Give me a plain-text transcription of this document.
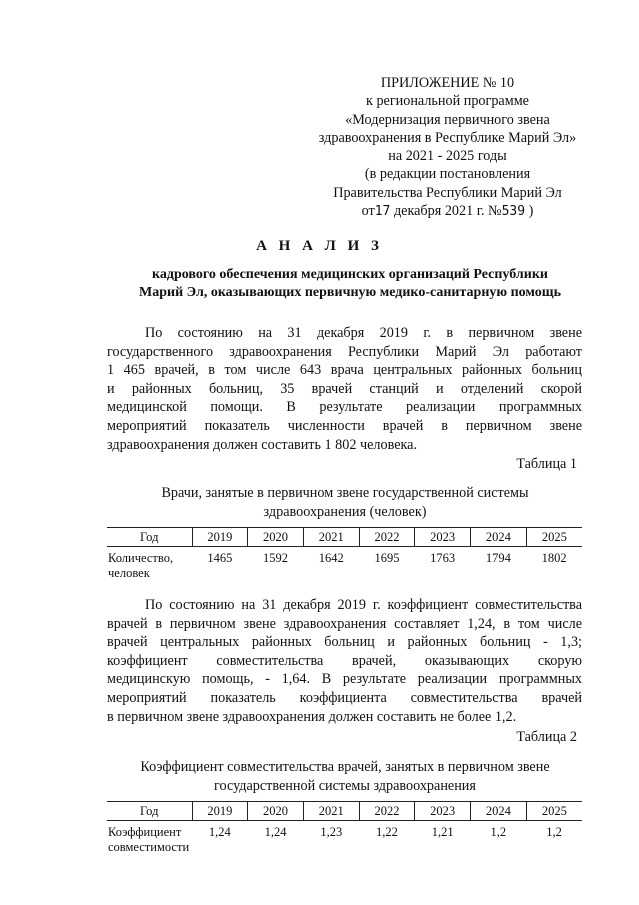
ПРИЛОЖЕНИЕ № 10
к региональной программе
«Модернизация первичного звена
здравоохранения в Республике Марий Эл»
на 2021 - 2025 годы
(в редакции постановления
Правительства Республики Марий Эл
от17 декабря 2021 г. №539 )
А Н А Л И З
кадрового обеспечения медицинских организаций Республики
Марий Эл, оказывающих первичную медико-санитарную помощь
По состоянию на 31 декабря 2019 г. в первичном звене
государственного здравоохранения Республики Марий Эл работают
1 465 врачей, в том числе 643 врача центральных районных больниц
и районных больниц, 35 врачей станций и отделений скорой
медицинской помощи. В результате реализации программных
мероприятий показатель численности врачей в первичном звене
здравоохранения должен составить 1 802 человека.
Таблица 1
Врачи, занятые в первичном звене государственной системы
здравоохранения (человек)
Год	2019	2020	2021	2022	2023	2024	2025
Количество, человек	1465	1592	1642	1695	1763	1794	1802
По состоянию на 31 декабря 2019 г. коэффициент совместительства
врачей в первичном звене здравоохранения составляет 1,24, в том числе
врачей центральных районных больниц и районных больниц - 1,3;
коэффициент совместительства врачей, оказывающих скорую
медицинскую помощь, - 1,64. В результате реализации программных
мероприятий показатель коэффициента совместительства врачей
в первичном звене здравоохранения должен составить не более 1,2.
Таблица 2
Коэффициент совместительства врачей, занятых в первичном звене
государственной системы здравоохранения
Год	2019	2020	2021	2022	2023	2024	2025
Коэффициент совместимости	1,24	1,24	1,23	1,22	1,21	1,2	1,2
